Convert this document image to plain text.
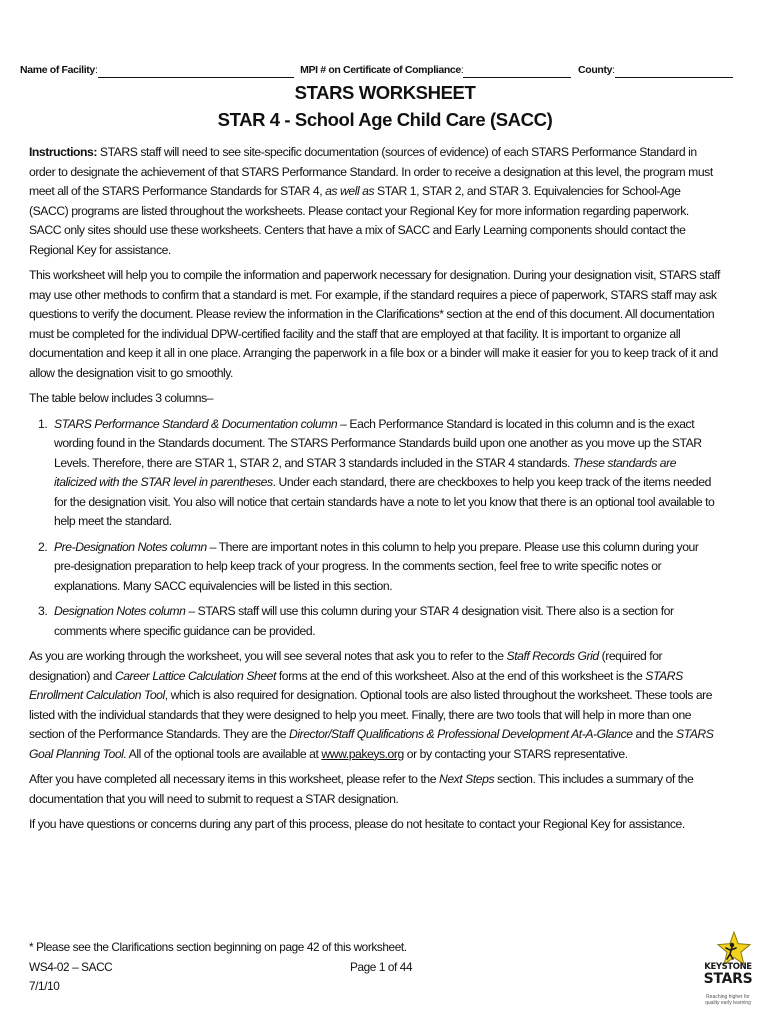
Name of Facility:	MPI # on Certificate of Compliance:	County:
STARS WORKSHEET
STAR 4 - School Age Child Care (SACC)

Instructions: STARS staff will need to see site-specific documentation (sources of evidence) of each STARS Performance Standard in order to designate the achievement of that STARS Performance Standard. In order to receive a designation at this level, the program must meet all of the STARS Performance Standards for STAR 4, as well as STAR 1, STAR 2, and STAR 3. Equivalencies for School-Age (SACC) programs are listed throughout the worksheets. Please contact your Regional Key for more information regarding paperwork. SACC only sites should use these worksheets. Centers that have a mix of SACC and Early Learning components should contact the Regional Key for assistance.

This worksheet will help you to compile the information and paperwork necessary for designation. During your designation visit, STARS staff may use other methods to confirm that a standard is met. For example, if the standard requires a piece of paperwork, STARS staff may ask questions to verify the document. Please review the information in the Clarifications* section at the end of this document. All documentation must be completed for the individual DPW-certified facility and the staff that are employed at that facility. It is important to organize all documentation and keep it all in one place. Arranging the paperwork in a file box or a binder will make it easier for you to keep track of it and allow the designation visit to go smoothly.

The table below includes 3 columns–

1. STARS Performance Standard & Documentation column – Each Performance Standard is located in this column and is the exact wording found in the Standards document. The STARS Performance Standards build upon one another as you move up the STAR Levels. Therefore, there are STAR 1, STAR 2, and STAR 3 standards included in the STAR 4 standards. These standards are italicized with the STAR level in parentheses. Under each standard, there are checkboxes to help you keep track of the items needed for the designation visit. You also will notice that certain standards have a note to let you know that there is an optional tool available to help meet the standard.
2. Pre-Designation Notes column – There are important notes in this column to help you prepare. Please use this column during your pre-designation preparation to help keep track of your progress. In the comments section, feel free to write specific notes or explanations. Many SACC equivalencies will be listed in this section.
3. Designation Notes column – STARS staff will use this column during your STAR 4 designation visit. There also is a section for comments where specific guidance can be provided.

As you are working through the worksheet, you will see several notes that ask you to refer to the Staff Records Grid (required for designation) and Career Lattice Calculation Sheet forms at the end of this worksheet. Also at the end of this worksheet is the STARS Enrollment Calculation Tool, which is also required for designation. Optional tools are also listed throughout the worksheet. These tools are listed with the individual standards that they were designed to help you meet. Finally, there are two tools that will help in more than one section of the Performance Standards. They are the Director/Staff Qualifications & Professional Development At-A-Glance and the STARS Goal Planning Tool. All of the optional tools are available at www.pakeys.org or by contacting your STARS representative.

After you have completed all necessary items in this worksheet, please refer to the Next Steps section. This includes a summary of the documentation that you will need to submit to request a STAR designation.

If you have questions or concerns during any part of this process, please do not hesitate to contact your Regional Key for assistance.

* Please see the Clarifications section beginning on page 42 of this worksheet.
WS4-02 – SACC	Page 1 of 44
7/1/10
KEYSTONE
STARS
Reaching higher for
quality early learning
